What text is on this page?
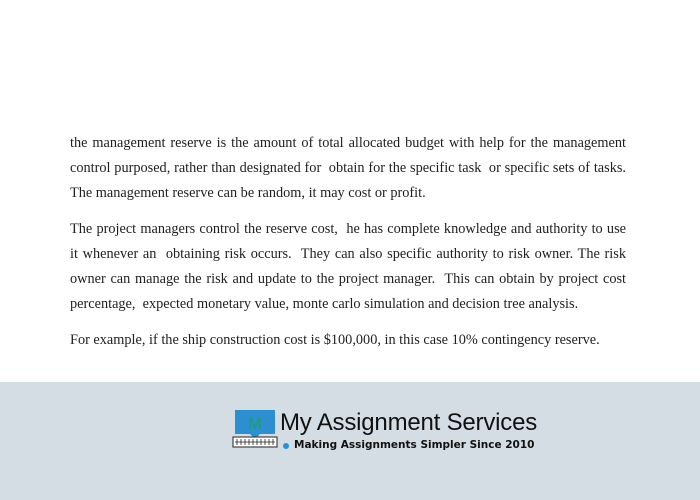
the management reserve is the amount of total allocated budget with help for the management control purposed, rather than designated for  obtain for the specific task  or specific sets of tasks.  The management reserve can be random, it may cost or profit.

The project managers control the reserve cost,  he has complete knowledge and authority to use it whenever an  obtaining risk occurs.  They can also specific authority to risk owner. The risk owner can manage the risk and update to the project manager.  This can obtain by project cost percentage,  expected monetary value, monte carlo simulation and decision tree analysis.

For example, if the ship construction cost is $100,000, in this case 10% contingency reserve.

M My Assignment Services
Making Assignments Simpler Since 2010
